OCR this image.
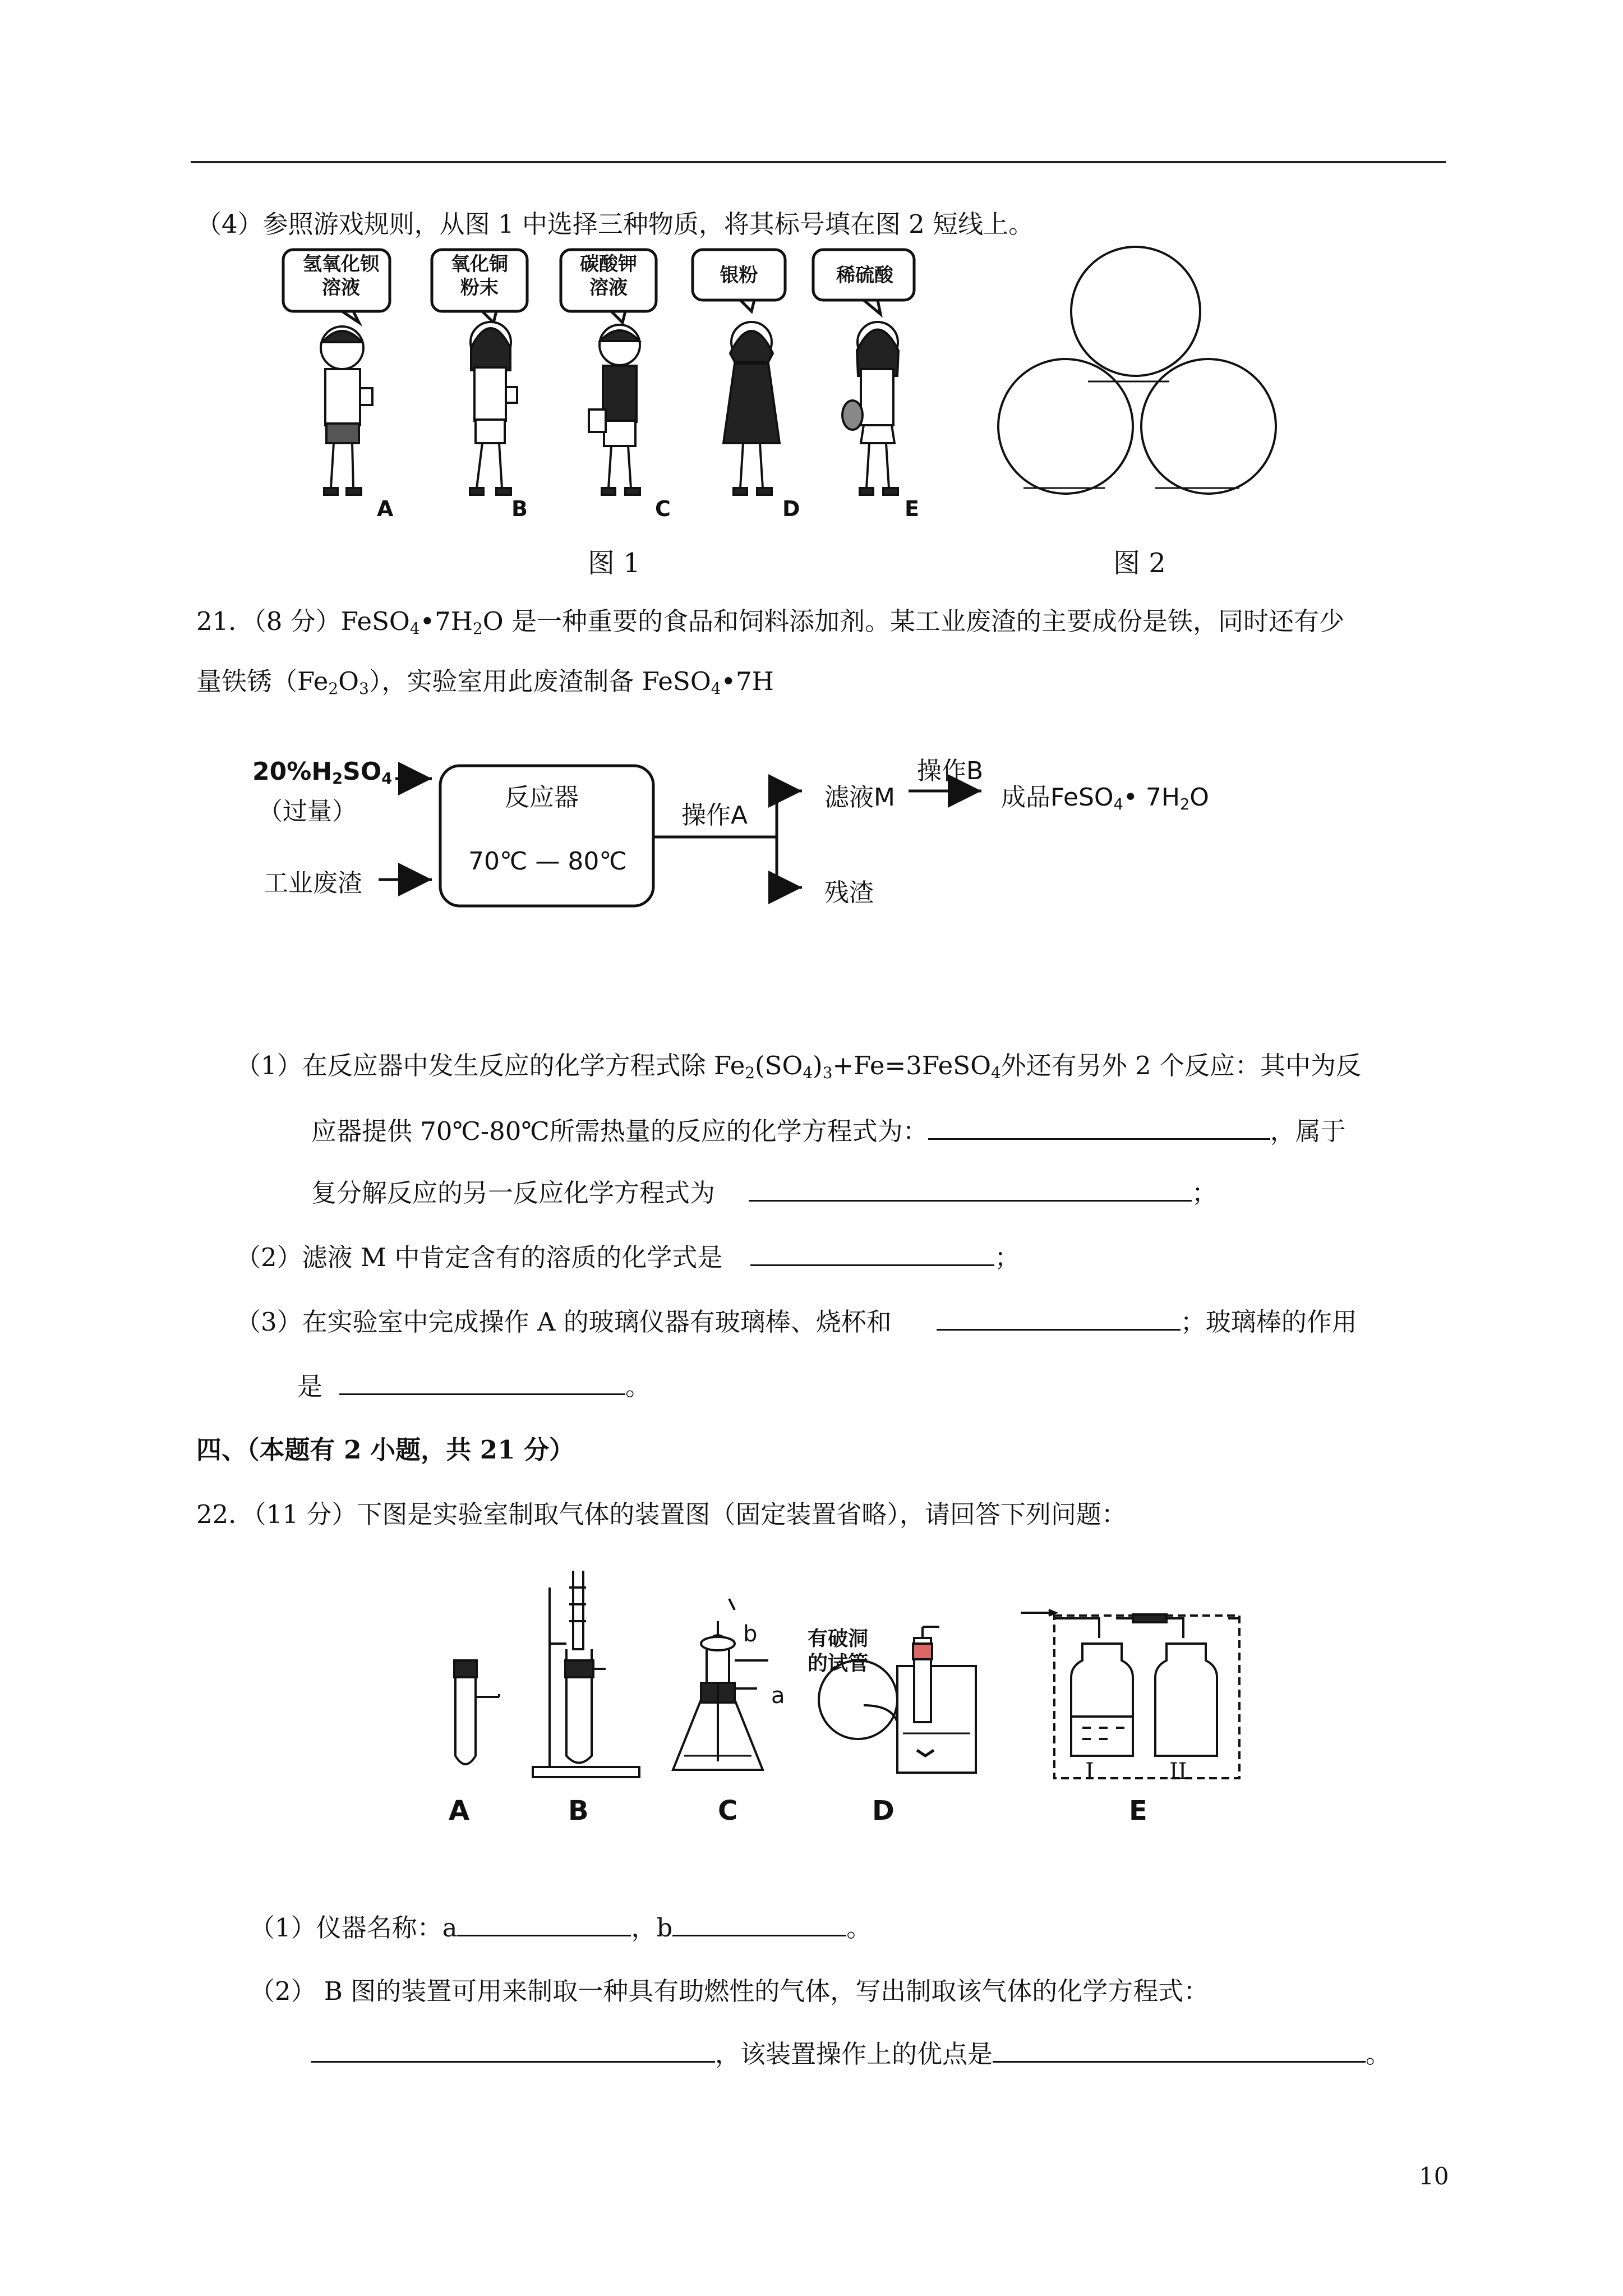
（4）参照游戏规则，从图 1 中选择三种物质，将其标号填在图 2 短线上。
氢氧化钡
溶液
氧化铜
粉末
碳酸钾
溶液
银粉	稀硫酸
A	B	C	D	E
图 1	图 2
21．（8 分）$FeSO_4•7H_2O$ 是一种重要的食品和饲料添加剂。某工业废渣的主要成份是铁，同时还有少
量铁锈$(Fe_2O_3)$，实验室用此废渣制备 FeSO$_4$•7H
$20\%H_2SO_4$
（过量）
工业废渣
反应器
70℃ — 80℃
操作A
滤液M
操作B
成品FeSO$_4$• $7H_2O$
残渣
（1）在反应器中发生反应的化学方程式除 $Fe_2(SO_4)_3+Fe=3FeSO_4$外还有另外 2 个反应：其中为反
应器提供 70℃-80℃所需热量的反应的化学方程式为：	，属于
复分解反应的另一反应化学方程式为	；
（2）滤液 M 中肯定含有的溶质的化学式是	；
（3）在实验室中完成操作 A 的玻璃仪器有玻璃棒、烧杯和	；玻璃棒的作用
是	。
四、（本题有 2 小题，共 21 分）
22．（11 分）下图是实验室制取气体的装置图（固定装置省略），请回答下列问题：
A	B	C	D	E
a
b 有破洞
的试管
I	II
（1）仪器名称：a	，b	。
（2） B 图的装置可用来制取一种具有助燃性的气体，写出制取该气体的化学方程式：
，该装置操作上的优点是	。
10
